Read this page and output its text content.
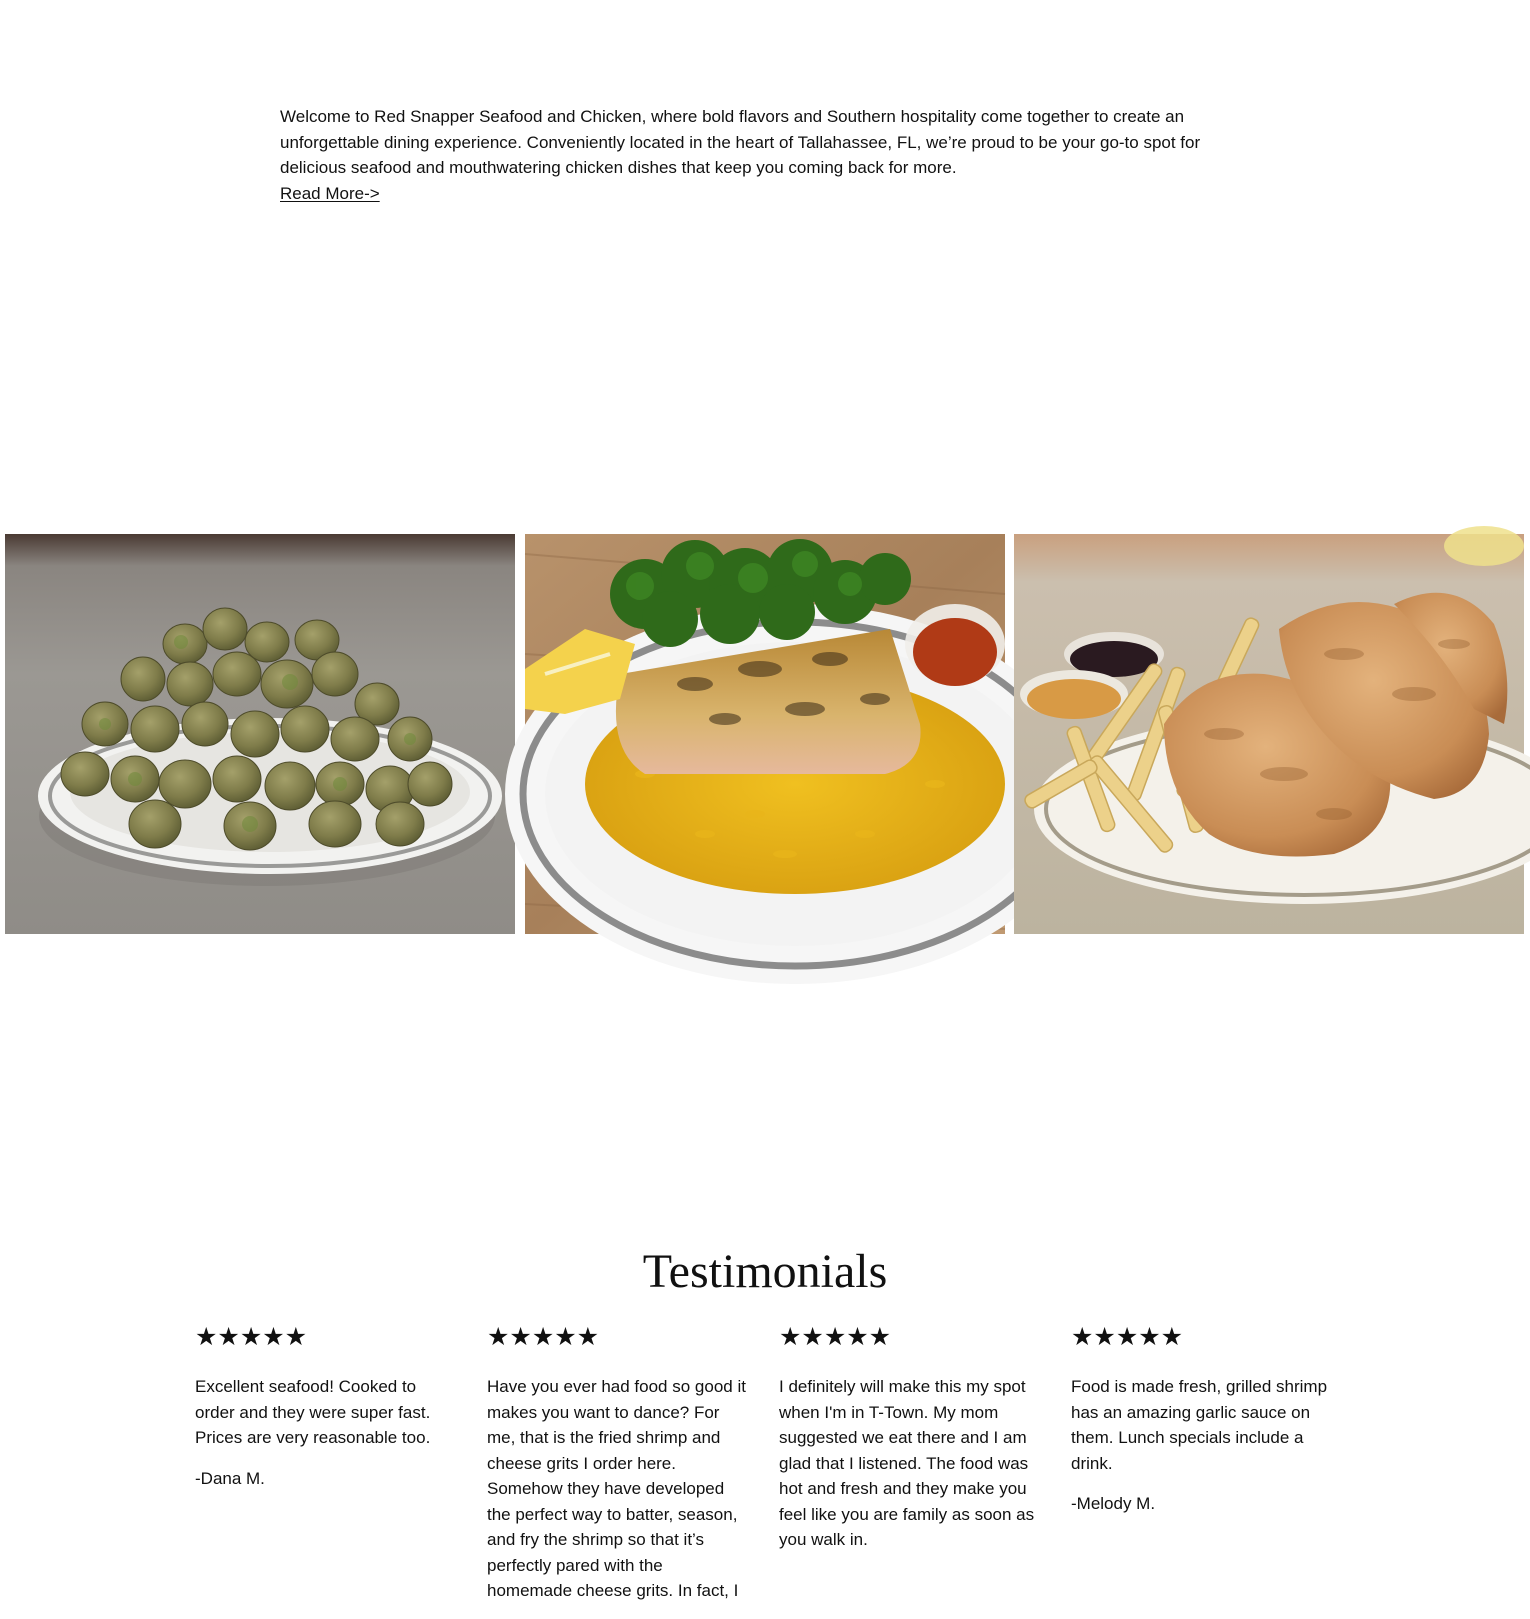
Welcome to Red Snapper Seafood and Chicken, where bold flavors and Southern hospitality come together to create an unforgettable dining experience. Conveniently located in the heart of Tallahassee, FL, we’re proud to be your go-to spot for delicious seafood and mouthwatering chicken dishes that keep you coming back for more.

Read More->
Testimonials
★★★★★

Excellent seafood! Cooked to order and they were super fast. Prices are very reasonable too.

-Dana M.

★★★★★

Have you ever had food so good it makes you want to dance? For me, that is the fried shrimp and cheese grits I order here. Somehow they have developed the perfect way to batter, season, and fry the shrimp so that it’s perfectly pared with the homemade cheese grits. In fact, I

★★★★★

I definitely will make this my spot when I'm in T-Town. My mom suggested we eat there and I am glad that I listened. The food was hot and fresh and they make you feel like you are family as soon as you walk in.

★★★★★

Food is made fresh, grilled shrimp has an amazing garlic sauce on them. Lunch specials include a drink.

-Melody M.
